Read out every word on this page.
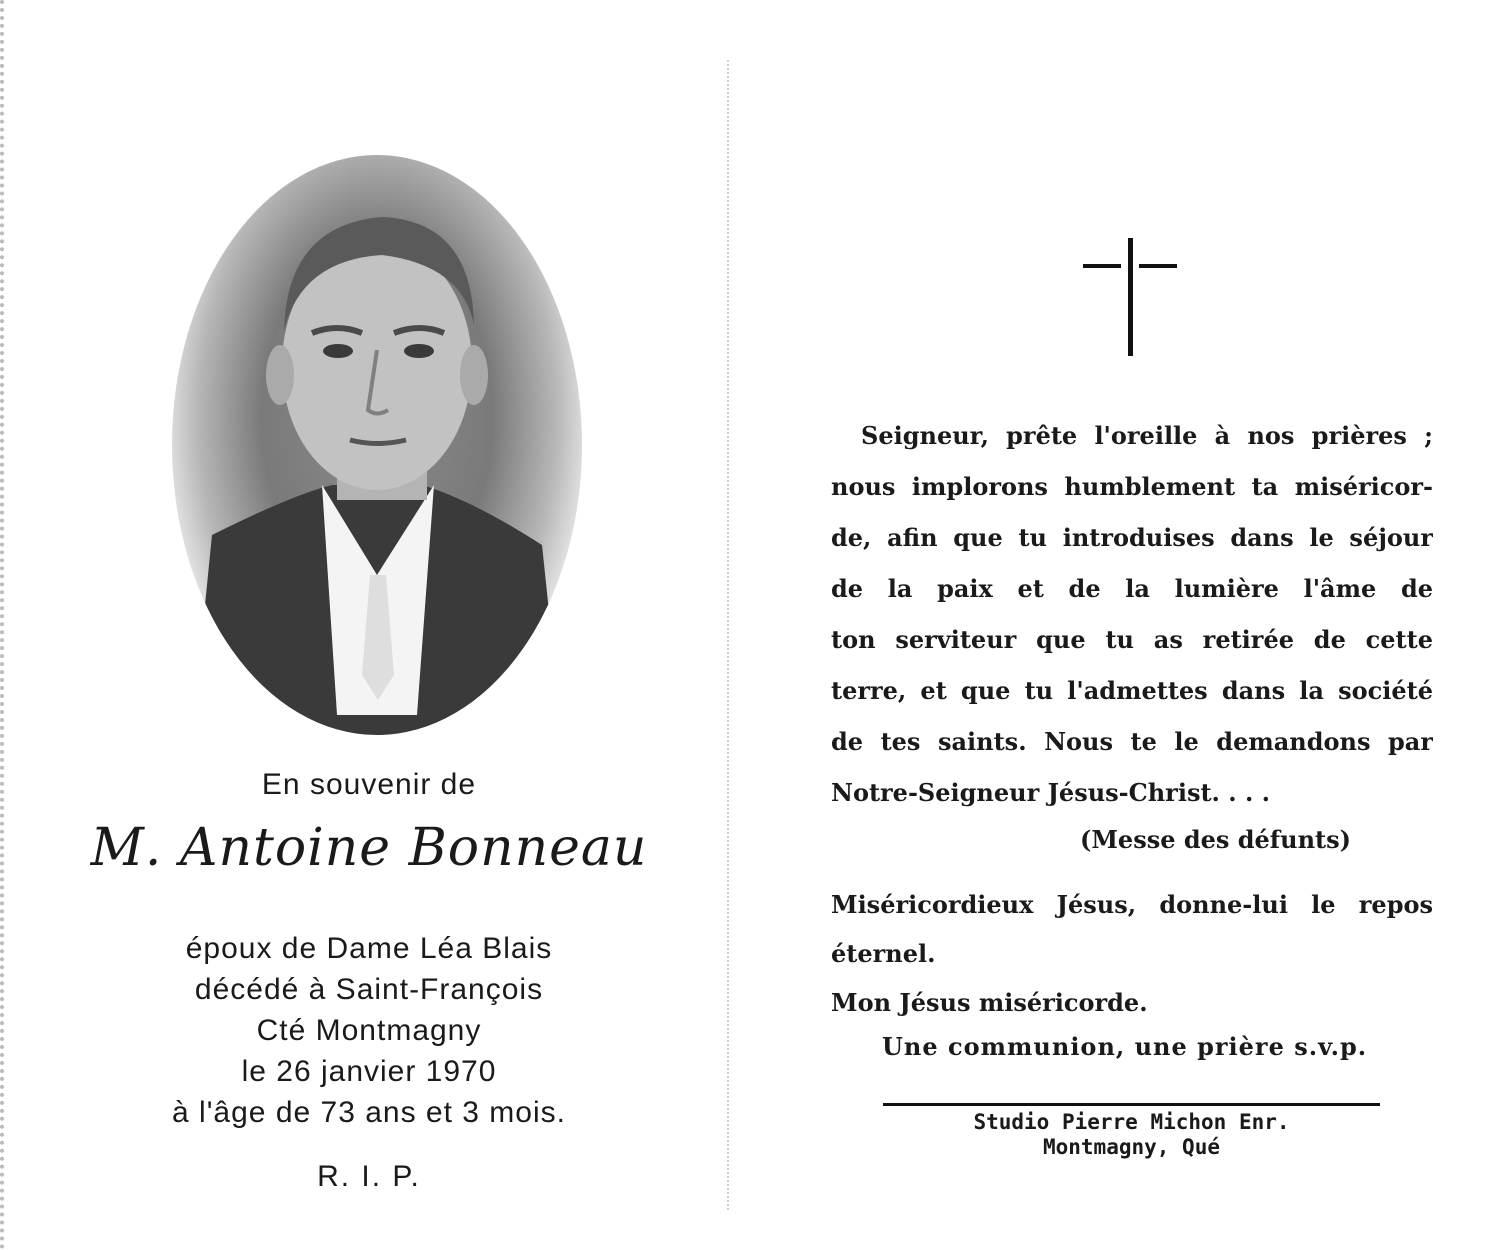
En souvenir de
M. Antoine Bonneau
époux de Dame Léa Blais
décédé à Saint-François
Cté Montmagny
le 26 janvier 1970
à l'âge de 73 ans et 3 mois.
R. I. P.
Seigneur, prête l'oreille à nos prières ;
nous implorons humblement ta miséricor-
de, afin que tu introduises dans le séjour
de la paix et de la lumière l'âme de
ton serviteur que tu as retirée de cette
terre, et que tu l'admettes dans la société
de tes saints. Nous te le demandons par
Notre-Seigneur Jésus-Christ. . . .
(Messe des défunts)
Miséricordieux Jésus, donne-lui le repos
éternel.
Mon Jésus miséricorde.
Une communion, une prière s.v.p.
Studio Pierre Michon Enr.
Montmagny, Qué
